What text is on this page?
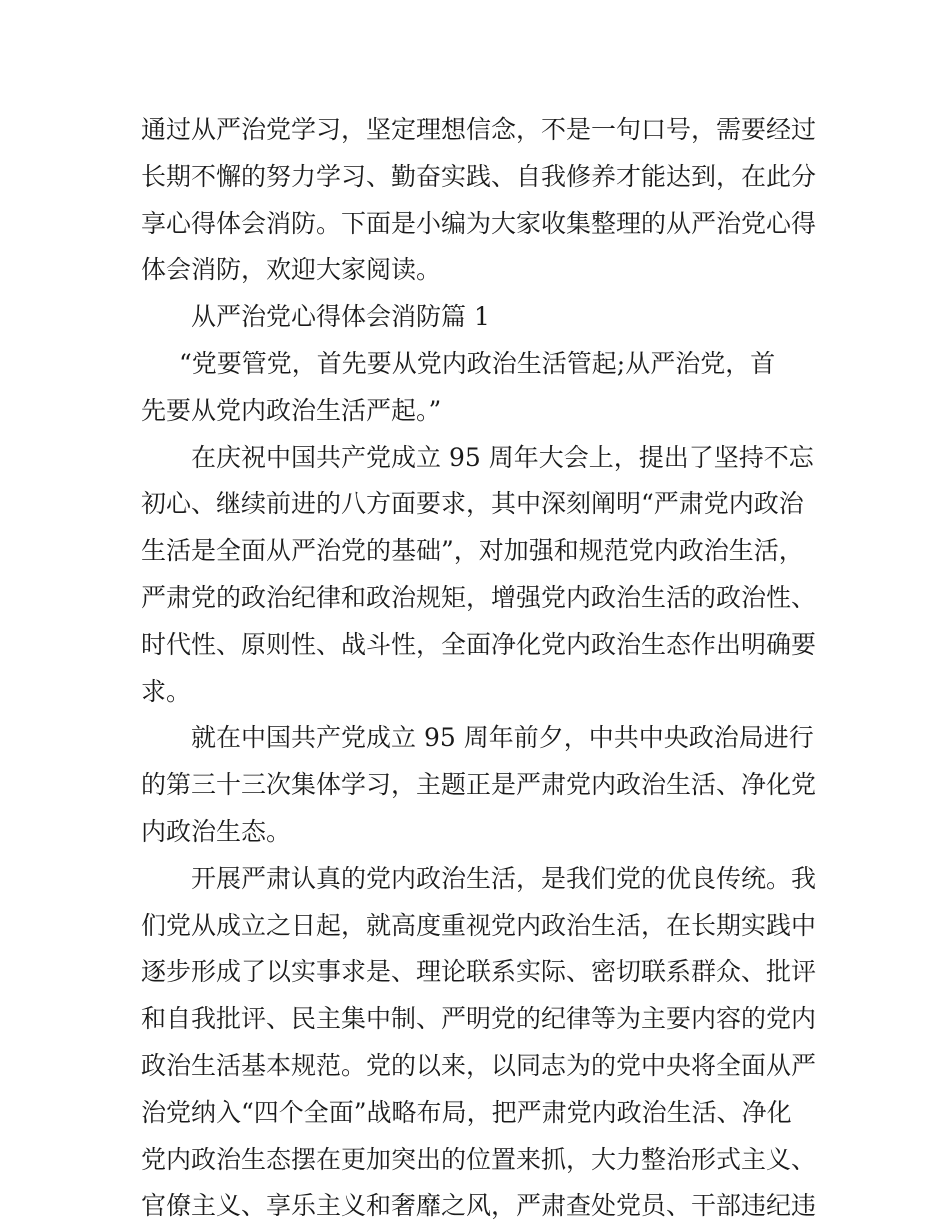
通过从严治党学习，坚定理想信念，不是一句口号，需要经过
长期不懈的努力学习、勤奋实践、自我修养才能达到，在此分
享心得体会消防。下面是小编为大家收集整理的从严治党心得
体会消防，欢迎大家阅读。
从严治党心得体会消防篇 1
“党要管党，首先要从党内政治生活管起;从严治党，首
先要从党内政治生活严起。”
在庆祝中国共产党成立 95 周年大会上，提出了坚持不忘
初心、继续前进的八方面要求，其中深刻阐明“严肃党内政治
生活是全面从严治党的基础”，对加强和规范党内政治生活，
严肃党的政治纪律和政治规矩，增强党内政治生活的政治性、
时代性、原则性、战斗性，全面净化党内政治生态作出明确要
求。
就在中国共产党成立 95 周年前夕，中共中央政治局进行
的第三十三次集体学习，主题正是严肃党内政治生活、净化党
内政治生态。
开展严肃认真的党内政治生活，是我们党的优良传统。我
们党从成立之日起，就高度重视党内政治生活，在长期实践中
逐步形成了以实事求是、理论联系实际、密切联系群众、批评
和自我批评、民主集中制、严明党的纪律等为主要内容的党内
政治生活基本规范。党的以来，以同志为的党中央将全面从严
治党纳入“四个全面”战略布局，把严肃党内政治生活、净化
党内政治生态摆在更加突出的位置来抓，大力整治形式主义、
官僚主义、享乐主义和奢靡之风，严肃查处党员、干部违纪违
